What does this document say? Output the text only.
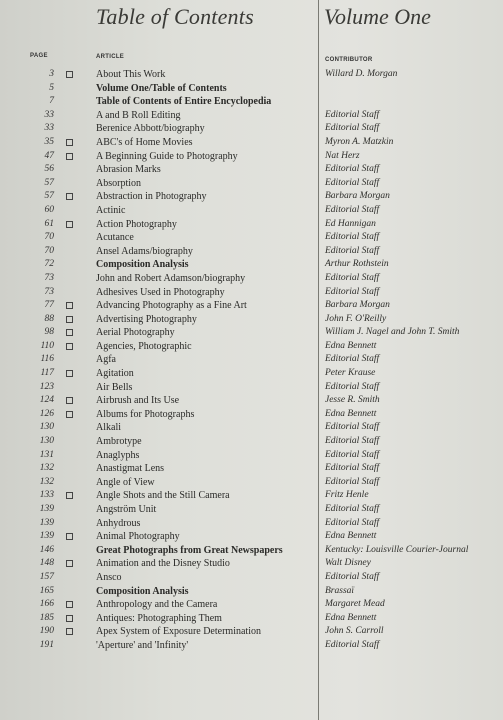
Table of Contents	Volume One
PAGE	ARTICLE	CONTRIBUTOR
3	About This Work	Willard D. Morgan
5	Volume One/Table of Contents
7	Table of Contents of Entire Encyclopedia
33	A and B Roll Editing	Editorial Staff
33	Berenice Abbott/biography	Editorial Staff
35	ABC's of Home Movies	Myron A. Matzkin
47	A Beginning Guide to Photography	Nat Herz
56	Abrasion Marks	Editorial Staff
57	Absorption	Editorial Staff
57	Abstraction in Photography	Barbara Morgan
60	Actinic	Editorial Staff
61	Action Photography	Ed Hannigan
70	Acutance	Editorial Staff
70	Ansel Adams/biography	Editorial Staff
72	Composition Analysis	Arthur Rothstein
73	John and Robert Adamson/biography	Editorial Staff
73	Adhesives Used in Photography	Editorial Staff
77	Advancing Photography as a Fine Art	Barbara Morgan
88	Advertising Photography	John F. O'Reilly
98	Aerial Photography	William J. Nagel and John T. Smith
110	Agencies, Photographic	Edna Bennett
116	Agfa	Editorial Staff
117	Agitation	Peter Krause
123	Air Bells	Editorial Staff
124	Airbrush and Its Use	Jesse R. Smith
126	Albums for Photographs	Edna Bennett
130	Alkali	Editorial Staff
130	Ambrotype	Editorial Staff
131	Anaglyphs	Editorial Staff
132	Anastigmat Lens	Editorial Staff
132	Angle of View	Editorial Staff
133	Angle Shots and the Still Camera	Fritz Henle
139	Angström Unit	Editorial Staff
139	Anhydrous	Editorial Staff
139	Animal Photography	Edna Bennett
146	Great Photographs from Great Newspapers	Kentucky: Louisville Courier-Journal
148	Animation and the Disney Studio	Walt Disney
157	Ansco	Editorial Staff
165	Composition Analysis	Brassaï
166	Anthropology and the Camera	Margaret Mead
185	Antiques: Photographing Them	Edna Bennett
190	Apex System of Exposure Determination	John S. Carroll
191	'Aperture' and 'Infinity'	Editorial Staff
